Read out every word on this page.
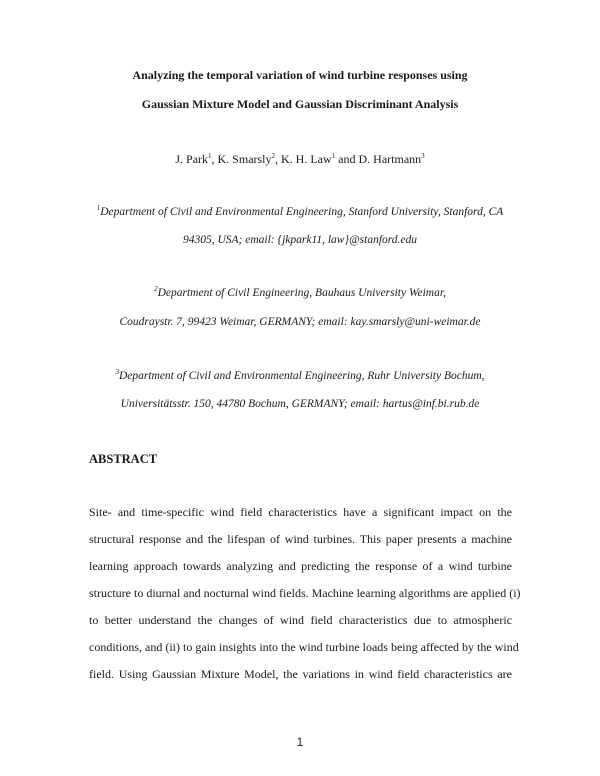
Analyzing the temporal variation of wind turbine responses using
Gaussian Mixture Model and Gaussian Discriminant Analysis
J. Park$^1$, K. Smarsly$^2$, K. H. Law$^1$ and D. Hartmann$^3$
$^1$Department of Civil and Environmental Engineering, Stanford University, Stanford, CA
94305, USA; email: {jkpark11, law}@stanford.edu
$^2$Department of Civil Engineering, Bauhaus University Weimar,
Coudraystr. 7, 99423 Weimar, GERMANY; email: kay.smarsly@uni-weimar.de
$^3$Department of Civil and Environmental Engineering, Ruhr University Bochum,
Universitätsstr. 150, 44780 Bochum, GERMANY; email: hartus@inf.bi.rub.de
ABSTRACT
Site- and time-specific wind field characteristics have a significant impact on the
structural response and the lifespan of wind turbines. This paper presents a machine
learning approach towards analyzing and predicting the response of a wind turbine
structure to diurnal and nocturnal wind fields. Machine learning algorithms are applied (i)
to better understand the changes of wind field characteristics due to atmospheric
conditions, and (ii) to gain insights into the wind turbine loads being affected by the wind
field. Using Gaussian Mixture Model, the variations in wind field characteristics are
1
